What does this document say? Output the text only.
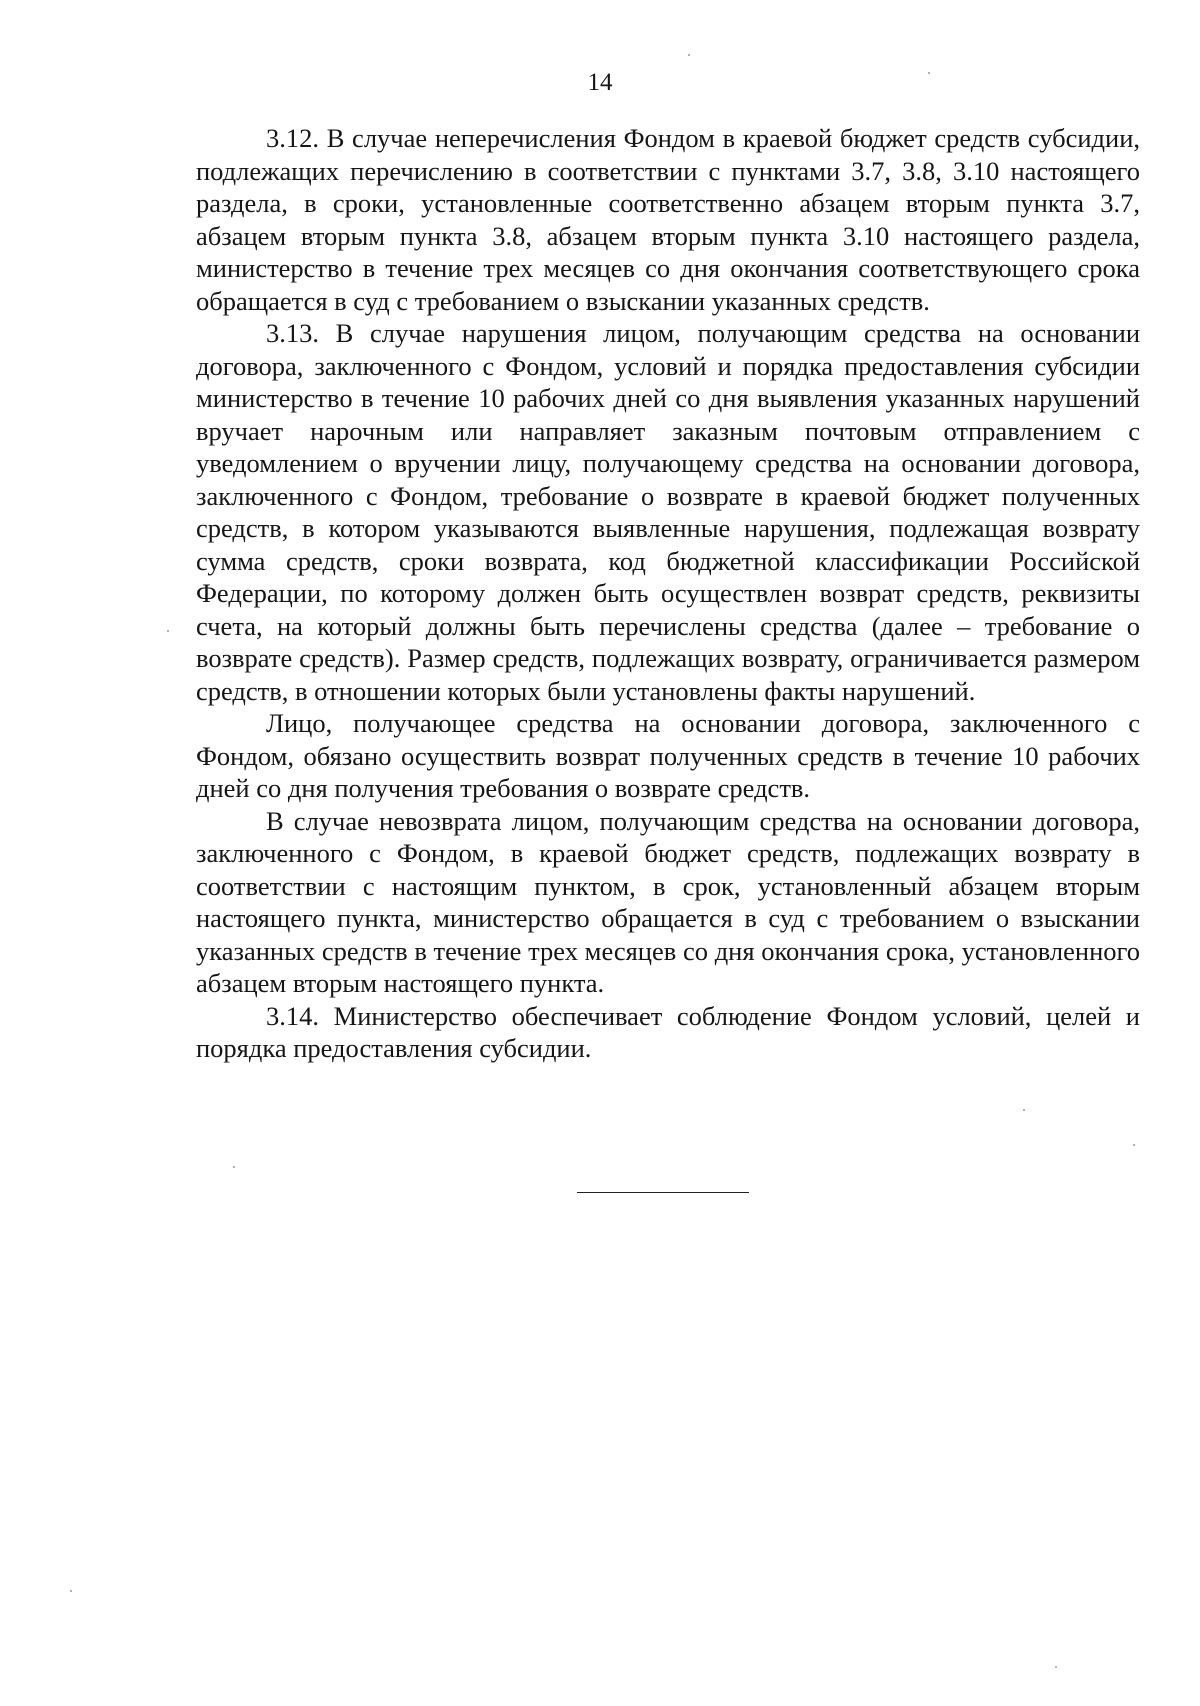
14

3.12. В случае неперечисления Фондом в краевой бюджет средств субсидии, подлежащих перечислению в соответствии с пунктами 3.7, 3.8, 3.10 настоящего раздела, в сроки, установленные соответственно абзацем вторым пункта 3.7, абзацем вторым пункта 3.8, абзацем вторым пункта 3.10 настоящего раздела, министерство в течение трех месяцев со дня окончания соответствующего срока обращается в суд с требованием о взыскании указанных средств.

3.13. В случае нарушения лицом, получающим средства на основании договора, заключенного с Фондом, условий и порядка предоставления субсидии министерство в течение 10 рабочих дней со дня выявления указанных нарушений вручает нарочным или направляет заказным почтовым отправлением с уведомлением о вручении лицу, получающему средства на основании договора, заключенного с Фондом, требование о возврате в краевой бюджет полученных средств, в котором указываются выявленные нарушения, подлежащая возврату сумма средств, сроки возврата, код бюджетной классификации Российской Федерации, по которому должен быть осуществлен возврат средств, реквизиты счета, на который должны быть перечислены средства (далее – требование о возврате средств). Размер средств, подлежащих возврату, ограничивается размером средств, в отношении которых были установлены факты нарушений.

Лицо, получающее средства на основании договора, заключенного с Фондом, обязано осуществить возврат полученных средств в течение 10 рабочих дней со дня получения требования о возврате средств.

В случае невозврата лицом, получающим средства на основании договора, заключенного с Фондом, в краевой бюджет средств, подлежащих возврату в соответствии с настоящим пунктом, в срок, установленный абзацем вторым настоящего пункта, министерство обращается в суд с требованием о взыскании указанных средств в течение трех месяцев со дня окончания срока, установленного абзацем вторым настоящего пункта.

3.14. Министерство обеспечивает соблюдение Фондом условий, целей и порядка предоставления субсидии.
